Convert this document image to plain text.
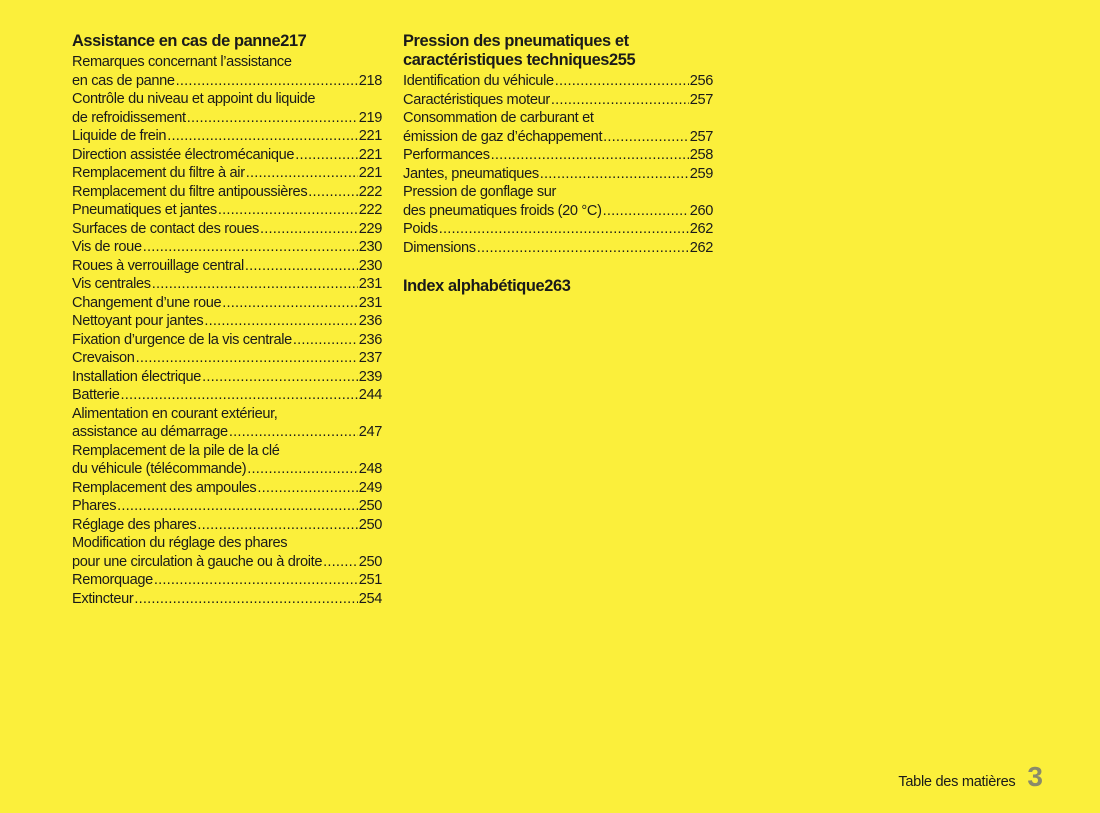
Assistance en cas de panne 217
Remarques concernant l’assistance
en cas de panne .....	218
Contrôle du niveau et appoint du liquide
de refroidissement .....	219
Liquide de frein .....	221
Direction assistée électromécanique .....	221
Remplacement du filtre à air .....	221
Remplacement du filtre antipoussières .....	222
Pneumatiques et jantes .....	222
Surfaces de contact des roues .....	229
Vis de roue .....	230
Roues à verrouillage central .....	230
Vis centrales .....	231
Changement d’une roue .....	231
Nettoyant pour jantes .....	236
Fixation d’urgence de la vis centrale .....	236
Crevaison .....	237
Installation électrique .....	239
Batterie .....	244
Alimentation en courant extérieur,
assistance au démarrage .....	247
Remplacement de la pile de la clé
du véhicule (télécommande) .....	248
Remplacement des ampoules .....	249
Phares .....	250
Réglage des phares .....	250
Modification du réglage des phares
pour une circulation à gauche ou à droite .....	250
Remorquage .....	251
Extincteur .....	254
Pression des pneumatiques et
caractéristiques techniques 255
Identification du véhicule .....	256
Caractéristiques moteur .....	257
Consommation de carburant et
émission de gaz d’échappement .....	257
Performances .....	258
Jantes, pneumatiques .....	259
Pression de gonflage sur
des pneumatiques froids (20 °C) .....	260
Poids .....	262
Dimensions .....	262
Index alphabétique 263
Table des matières 3
